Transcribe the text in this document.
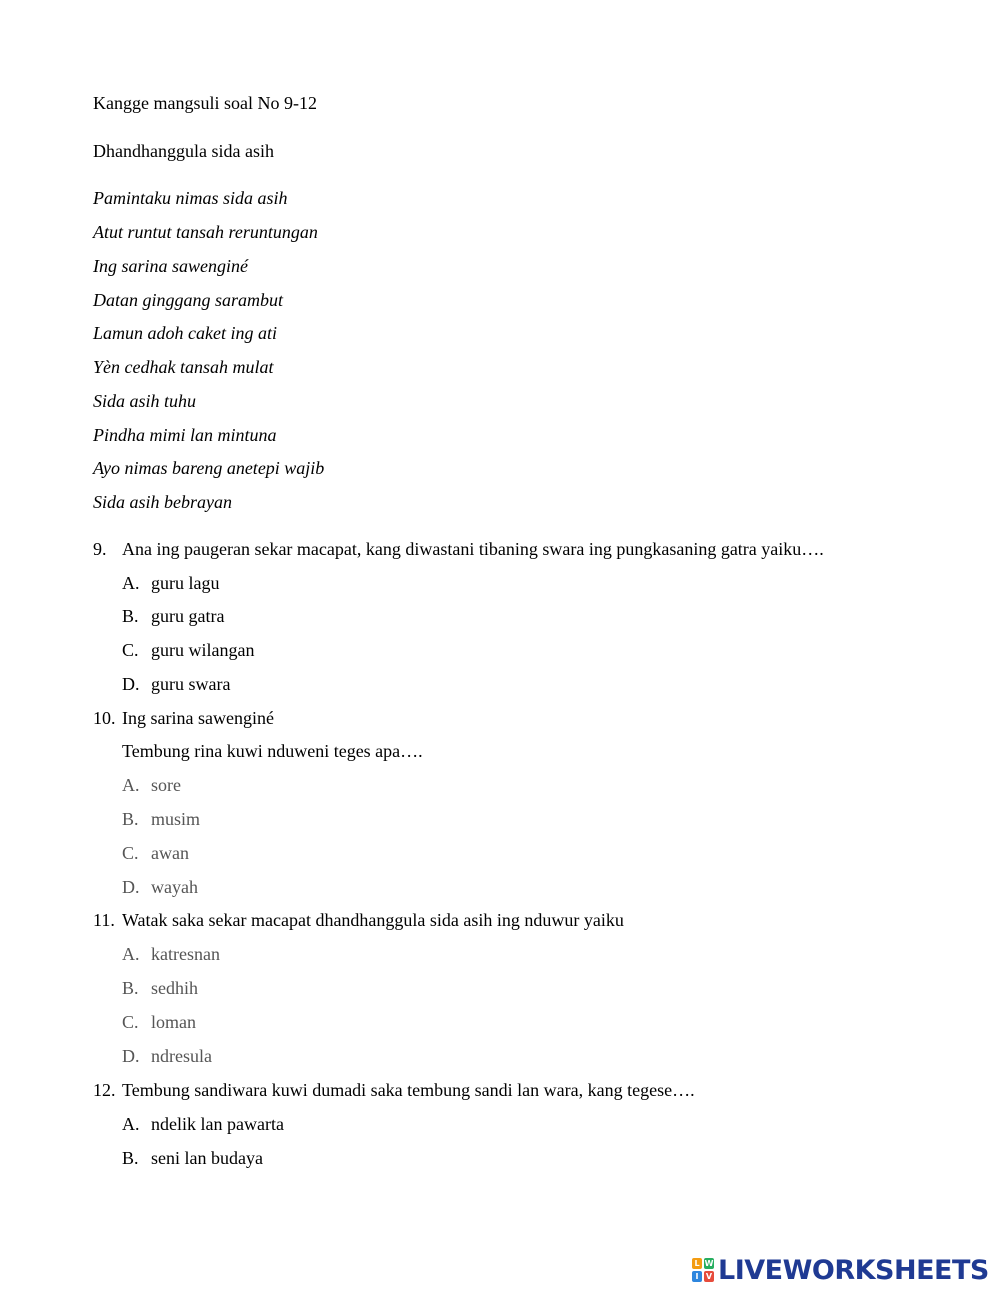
Kangge mangsuli soal No 9-12
Dhandhanggula sida asih
Pamintaku nimas sida asih
Atut runtut tansah reruntungan
Ing sarina sawenginé
Datan ginggang sarambut
Lamun adoh caket ing ati
Yèn cedhak tansah mulat
Sida asih tuhu
Pindha mimi lan mintuna
Ayo nimas bareng anetepi wajib
Sida asih bebrayan
9. Ana ing paugeran sekar macapat, kang diwastani tibaning swara ing pungkasaning gatra yaiku….
A. guru lagu
B. guru gatra
C. guru wilangan
D. guru swara
10. Ing sarina sawenginé
Tembung rina kuwi nduweni teges apa….
A. sore
B. musim
C. awan
D. wayah
11. Watak saka sekar macapat dhandhanggula sida asih ing nduwur yaiku
A. katresnan
B. sedhih
C. loman
D. ndresula
12. Tembung sandiwara kuwi dumadi saka tembung sandi lan wara, kang tegese….
A. ndelik lan pawarta
B. seni lan budaya
L W
I V LIVEWORKSHEETS
